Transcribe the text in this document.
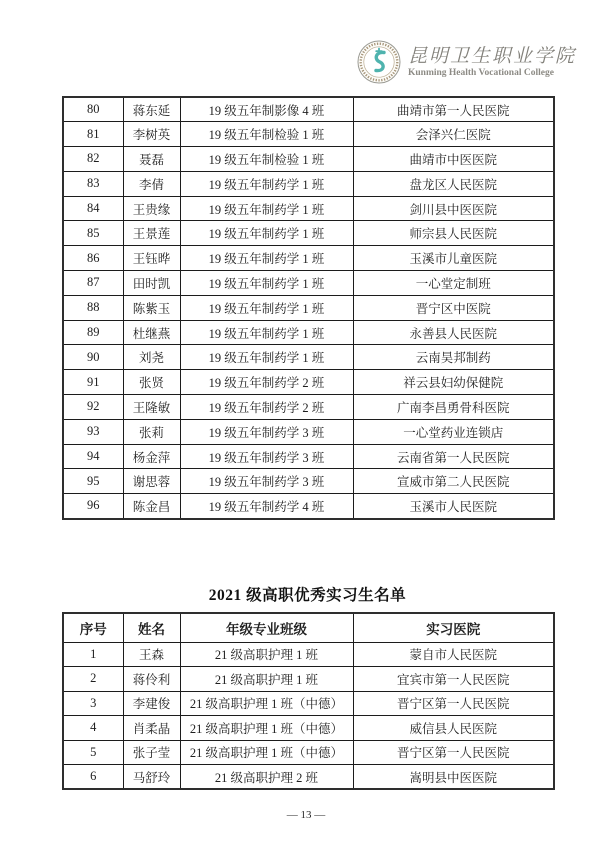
昆明卫生职业学院
Kunming Health Vocational College
80	蒋东延	19 级五年制影像 4 班	曲靖市第一人民医院
81	李树英	19 级五年制检验 1 班	会泽兴仁医院
82	聂磊	19 级五年制检验 1 班	曲靖市中医医院
83	李倩	19 级五年制药学 1 班	盘龙区人民医院
84	王贵缘	19 级五年制药学 1 班	剑川县中医医院
85	王景莲	19 级五年制药学 1 班	师宗县人民医院
86	王钰晔	19 级五年制药学 1 班	玉溪市儿童医院
87	田时凯	19 级五年制药学 1 班	一心堂定制班
88	陈紫玉	19 级五年制药学 1 班	晋宁区中医院
89	杜继燕	19 级五年制药学 1 班	永善县人民医院
90	刘尧	19 级五年制药学 1 班	云南昊邦制药
91	张贤	19 级五年制药学 2 班	祥云县妇幼保健院
92	王隆敏	19 级五年制药学 2 班	广南李昌勇骨科医院
93	张莉	19 级五年制药学 3 班	一心堂药业连锁店
94	杨金萍	19 级五年制药学 3 班	云南省第一人民医院
95	谢思蓉	19 级五年制药学 3 班	宣威市第二人民医院
96	陈金昌	19 级五年制药学 4 班	玉溪市人民医院
2021 级高职优秀实习生名单
序号	姓名	年级专业班级	实习医院
1	王森	21 级高职护理 1 班	蒙自市人民医院
2	蒋伶利	21 级高职护理 1 班	宜宾市第一人民医院
3	李建俊	21 级高职护理 1 班（中德）	晋宁区第一人民医院
4	肖柔晶	21 级高职护理 1 班（中德）	威信县人民医院
5	张子莹	21 级高职护理 1 班（中德）	晋宁区第一人民医院
6	马舒玲	21 级高职护理 2 班	嵩明县中医医院
— 13 —
